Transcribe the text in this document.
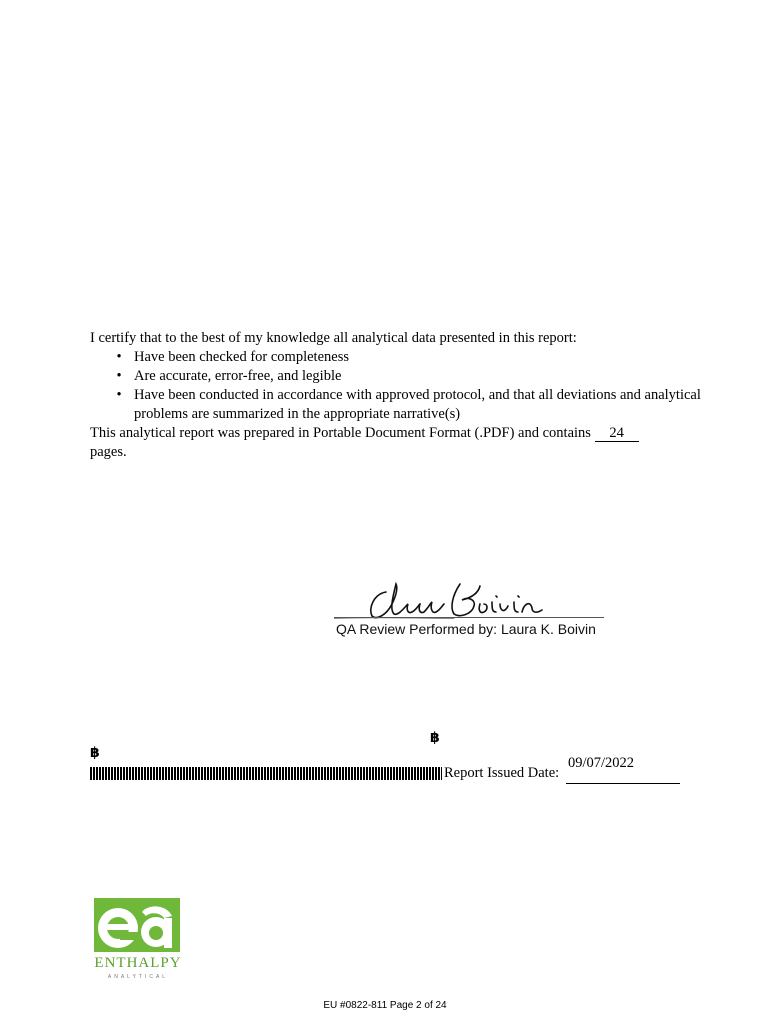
I certify that to the best of my knowledge all analytical data presented in this report:
• Have been checked for completeness
• Are accurate, error-free, and legible
• Have been conducted in accordance with approved protocol, and that all deviations and analytical problems are summarized in the appropriate narrative(s)
This analytical report was prepared in Portable Document Format (.PDF) and contains 24
pages.
QA Review Performed by: Laura K. Boivin
฿
฿
09/07/2022
Report Issued Date:
ENTHALPY
ANALYTICAL
EU #0822-811 Page 2 of 24
